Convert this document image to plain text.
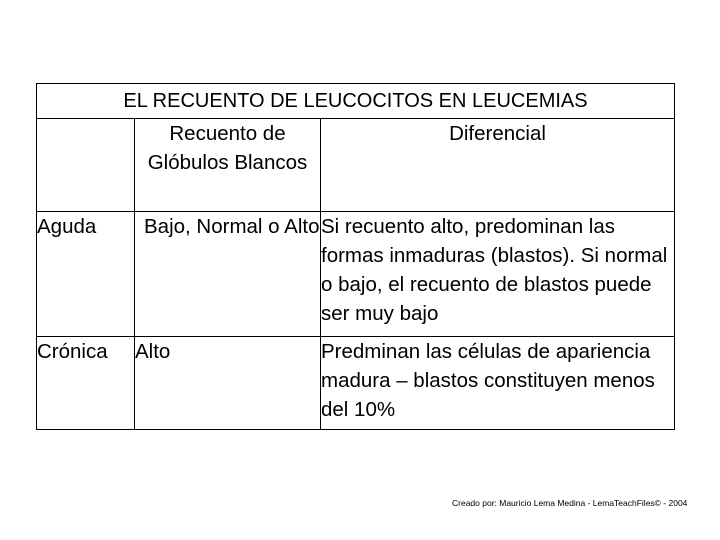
EL RECUENTO DE LEUCOCITOS EN LEUCEMIAS		
	Recuento de Glóbulos Blancos	Diferencial
Aguda	Bajo, Normal o Alto	Si recuento alto, predominan las formas inmaduras (blastos). Si normal o bajo, el recuento de blastos puede ser muy bajo
Crónica	Alto	Predminan las células de apariencia madura – blastos constituyen menos del 10%
Creado por: Mauricio Lema Medina - LemaTeachFiles© - 2004
